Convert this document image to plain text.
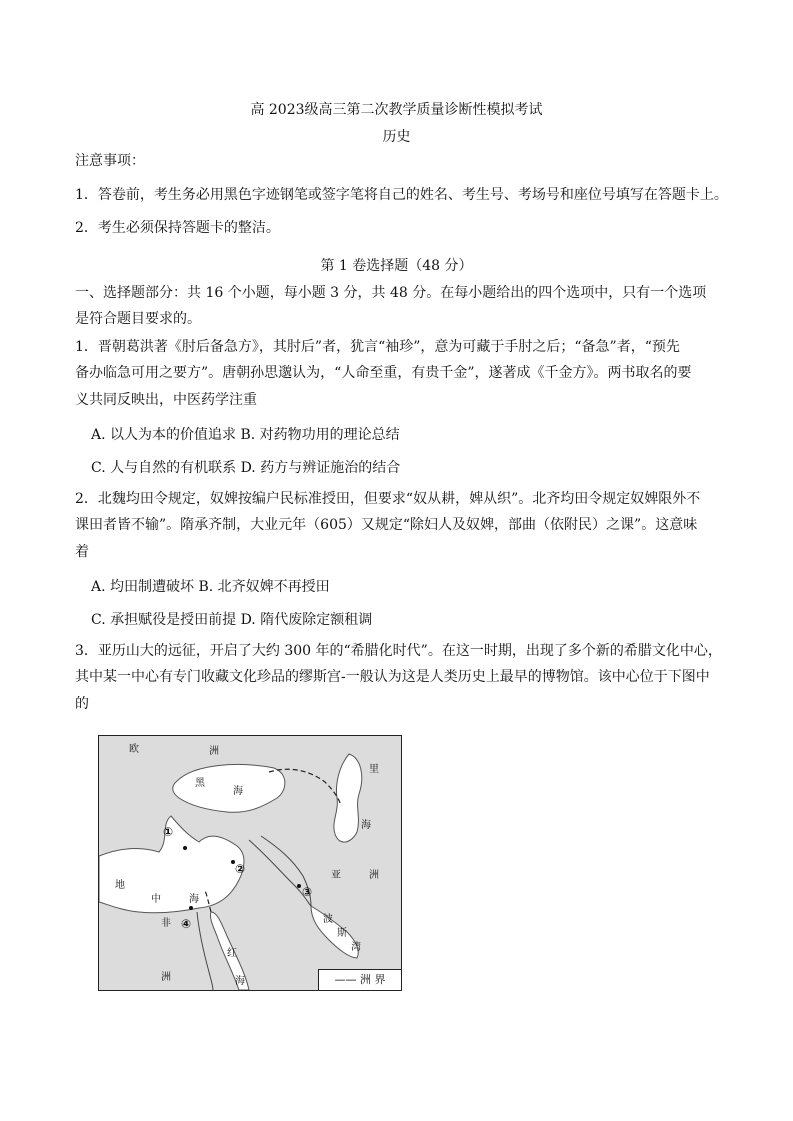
高 2023级高三第二次教学质量诊断性模拟考试
历史
注意事项：
1．答卷前，考生务必用黑色字迹钢笔或签字笔将自己的姓名、考生号、考场号和座位号填写在答题卡上。
2．考生必须保持答题卡的整洁。
第 1 卷选择题（48 分）
一、选择题部分：共 16 个小题，每小题 3 分，共 48 分。在每小题给出的四个选项中，只有一个选项
是符合题目要求的。
1．晋朝葛洪著《肘后备急方》，其肘后”者，犹言“袖珍”，意为可藏于手肘之后；“备急”者，“预先
备办临急可用之要方”。唐朝孙思邈认为，“人命至重，有贵千金”，遂著成《千金方》。两书取名的要
义共同反映出，中医药学注重
A. 以人为本的价值追求 B. 对药物功用的理论总结
C. 人与自然的有机联系 D. 药方与辨证施治的结合
2．北魏均田令规定，奴婢按编户民标准授田，但要求“奴从耕，婢从织”。北齐均田令规定奴婢限外不
课田者皆不输”。隋承齐制，大业元年（605）又规定“除妇人及奴婢，部曲（依附民）之课”。这意味
着
A. 均田制遭破坏 B. 北齐奴婢不再授田
C. 承担赋役是授田前提 D. 隋代废除定额租调
3．亚历山大的远征，开启了大约 300 年的“希腊化时代”。在这一时期，出现了多个新的希腊文化中心，
其中某一中心有专门收藏文化珍品的缪斯宫-一般认为这是人类历史上最早的博物馆。该中心位于下图中
的
欧	洲
黑
海
里
海
地
中	海
亚	洲
非
洲
红
海
波
斯
湾
①
②
③
④
—— 洲 界
